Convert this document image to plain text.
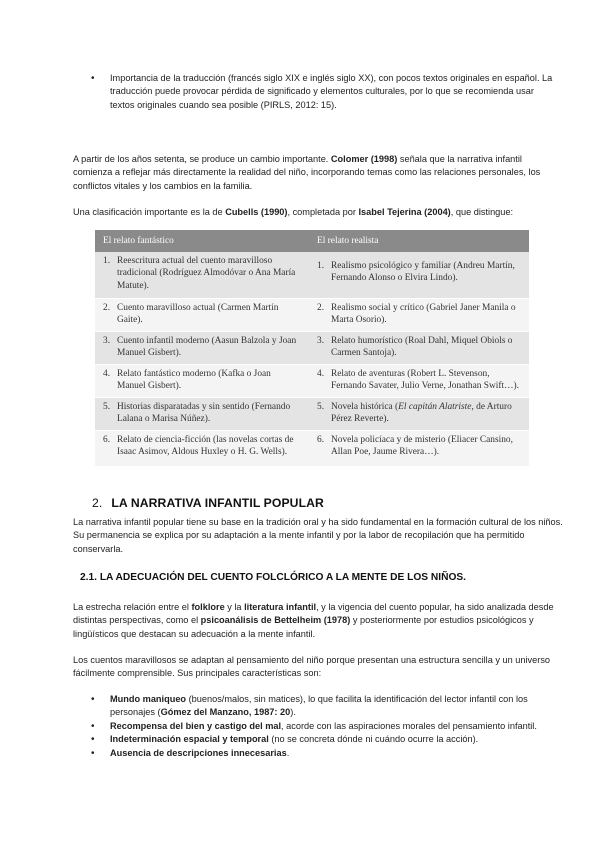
• Importancia de la traducción (francés siglo XIX e inglés siglo XX), con pocos textos originales en español. La traducción puede provocar pérdida de significado y elementos culturales, por lo que se recomienda usar textos originales cuando sea posible (PIRLS, 2012: 15).

A partir de los años setenta, se produce un cambio importante. Colomer (1998) señala que la narrativa infantil comienza a reflejar más directamente la realidad del niño, incorporando temas como las relaciones personales, los conflictos vitales y los cambios en la familia.

Una clasificación importante es la de Cubells (1990), completada por Isabel Tejerina (2004), que distingue:

El relato fantástico	El relato realista

1. Reescritura actual del cuento maravilloso tradicional (Rodríguez Almodóvar o Ana María Matute).	1. Realismo psicológico y familiar (Andreu Martín, Fernando Alonso o Elvira Lindo).

2. Cuento maravilloso actual (Carmen Martín Gaite).	2. Realismo social y crítico (Gabriel Janer Manila o Marta Osorio).

3. Cuento infantil moderno (Aasun Balzola y Joan Manuel Gisbert).	3. Relato humorístico (Roal Dahl, Miquel Obiols o Carmen Santoja).

4. Relato fantástico moderno (Kafka o Joan Manuel Gisbert).	4. Relato de aventuras (Robert L. Stevenson, Fernando Savater, Julio Verne, Jonathan Swift…).

5. Historias disparatadas y sin sentido (Fernando Lalana o Marisa Núñez).	5. Novela histórica (El capitán Alatriste, de Arturo Pérez Reverte).

6. Relato de ciencia-ficción (las novelas cortas de Isaac Asimov, Aldous Huxley o H. G. Wells).	6. Novela policíaca y de misterio (Eliacer Cansino, Allan Poe, Jaume Rivera…).
2. LA NARRATIVA INFANTIL POPULAR

La narrativa infantil popular tiene su base en la tradición oral y ha sido fundamental en la formación cultural de los niños. Su permanencia se explica por su adaptación a la mente infantil y por la labor de recopilación que ha permitido conservarla.

2.1. LA ADECUACIÓN DEL CUENTO FOLCLÓRICO A LA MENTE DE LOS NIÑOS.

La estrecha relación entre el folklore y la literatura infantil, y la vigencia del cuento popular, ha sido analizada desde distintas perspectivas, como el psicoanálisis de Bettelheim (1978) y posteriormente por estudios psicológicos y lingüísticos que destacan su adecuación a la mente infantil.

Los cuentos maravillosos se adaptan al pensamiento del niño porque presentan una estructura sencilla y un universo fácilmente comprensible. Sus principales características son:

• Mundo maniqueo (buenos/malos, sin matices), lo que facilita la identificación del lector infantil con los personajes (Gómez del Manzano, 1987: 20).
• Recompensa del bien y castigo del mal, acorde con las aspiraciones morales del pensamiento infantil.
• Indeterminación espacial y temporal (no se concreta dónde ni cuándo ocurre la acción).
• Ausencia de descripciones innecesarias.
